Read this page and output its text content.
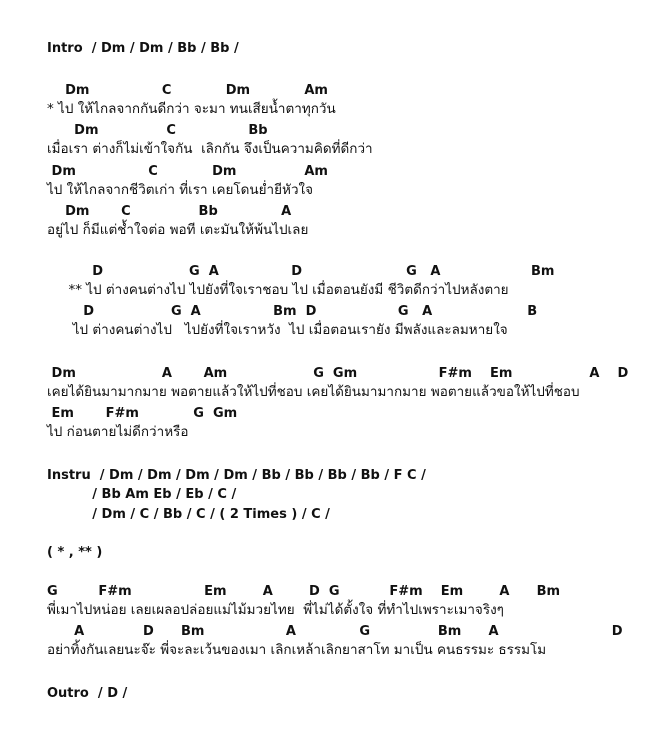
Intro  / Dm / Dm / Bb / Bb /
Dm                C            Dm            Am
* ไป ให้ไกลจากกันดีกว่า จะมา ทนเสียน้ำตาทุกวัน
Dm               C                Bb
เมื่อเรา ต่างก็ไม่เข้าใจกัน  เลิกกัน จึงเป็นความคิดที่ดีกว่า
Dm                C            Dm               Am
ไป ให้ไกลจากชีวิตเก่า ที่เรา เคยโดนย่ำยีหัวใจ
Dm       C               Bb              A
อยู่ไป ก็มีแต่ช้ำใจต่อ พอที เตะมันให้พ้นไปเลย
D                   G  A                D                       G   A                    Bm
** ไป ต่างคนต่างไป ไปยังที่ใจเราชอบ ไป เมื่อตอนยังมี ชีวิตดีกว่าไปหลังตาย
D                 G  A                Bm  D                  G   A                     B
ไป ต่างคนต่างไป   ไปยังที่ใจเราหวัง  ไป เมื่อตอนเรายัง มีพลังและลมหายใจ
Dm                   A       Am                   G  Gm                  F#m    Em                 A    D
เคยได้ยินมามากมาย พอตายแล้วให้ไปที่ชอบ เคยได้ยินมามากมาย พอตายแล้วขอให้ไปที่ชอบ
Em       F#m            G  Gm
ไป ก่อนตายไม่ดีกว่าหรือ
Instru  / Dm / Dm / Dm / Dm / Bb / Bb / Bb / Bb / F C /
/ Bb Am Eb / Eb / C /
/ Dm / C / Bb / C / ( 2 Times ) / C /
( * , ** )
G         F#m                Em        A        D  G           F#m    Em        A      Bm
พี่เมาไปหน่อย เลยเผลอปล่อยแม่ไม้มวยไทย  พี่ไม่ได้ตั้งใจ ที่ทำไปเพราะเมาจริงๆ
A             D      Bm                  A              G               Bm      A                         D
อย่าทิ้งกันเลยนะจ๊ะ พี่จะละเว้นของเมา เลิกเหล้าเลิกยาสาโท มาเป็น คนธรรมะ ธรรมโม
Outro  / D /
